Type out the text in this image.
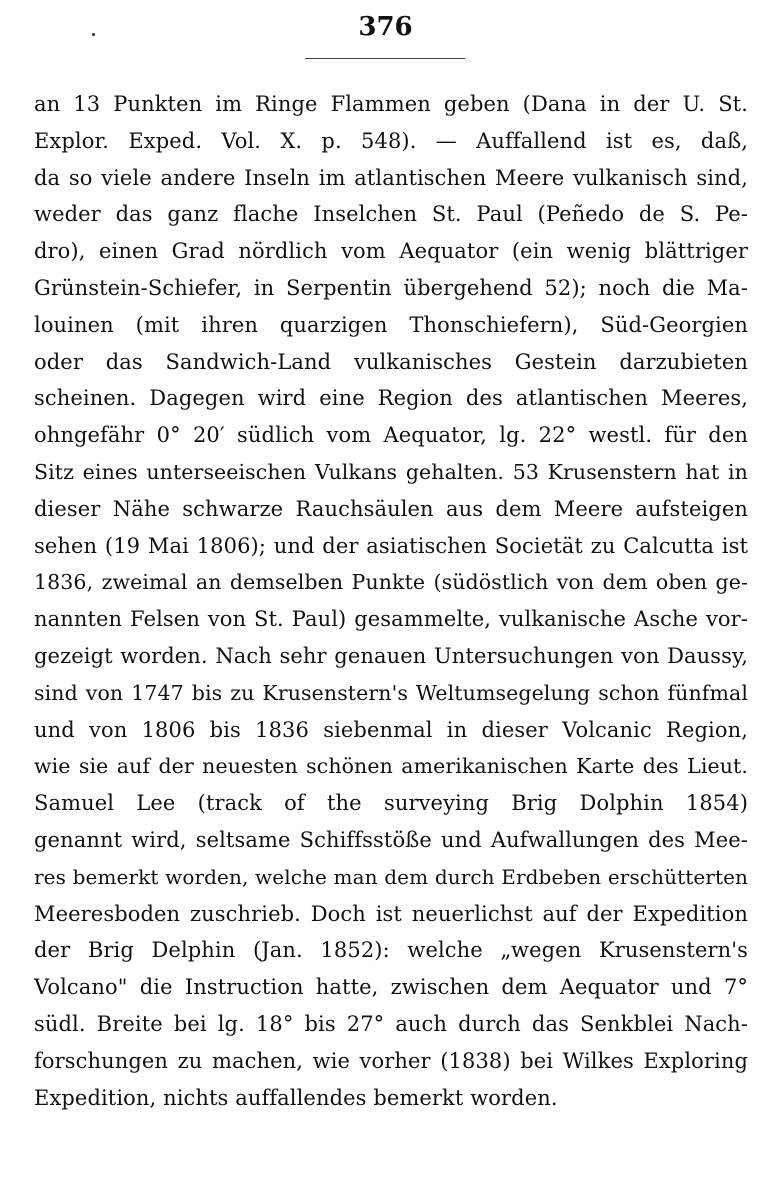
376
an 13 Punkten im Ringe Flammen geben (Dana in der U. St.
Explor. Exped. Vol. X. p. 548). — Auffallend ist es, daß,
da so viele andere Inseln im atlantischen Meere vulkanisch sind,
weder das ganz flache Inselchen St. Paul (Peñedo de S. Pe-
dro), einen Grad nördlich vom Aequator (ein wenig blättriger
Grünstein-Schiefer, in Serpentin übergehend 52); noch die Ma-
louinen (mit ihren quarzigen Thonschiefern), Süd-Georgien
oder das Sandwich-Land vulkanisches Gestein darzubieten
scheinen. Dagegen wird eine Region des atlantischen Meeres,
ohngefähr 0° 20′ südlich vom Aequator, lg. 22° westl. für den
Sitz eines unterseeischen Vulkans gehalten. 53 Krusenstern hat in
dieser Nähe schwarze Rauchsäulen aus dem Meere aufsteigen
sehen (19 Mai 1806); und der asiatischen Societät zu Calcutta ist
1836, zweimal an demselben Punkte (südöstlich von dem oben ge-
nannten Felsen von St. Paul) gesammelte, vulkanische Asche vor-
gezeigt worden. Nach sehr genauen Untersuchungen von Daussy,
sind von 1747 bis zu Krusenstern's Weltumsegelung schon fünfmal
und von 1806 bis 1836 siebenmal in dieser Volcanic Region,
wie sie auf der neuesten schönen amerikanischen Karte des Lieut.
Samuel Lee (track of the surveying Brig Dolphin 1854)
genannt wird, seltsame Schiffsstöße und Aufwallungen des Mee-
res bemerkt worden, welche man dem durch Erdbeben erschütterten
Meeresboden zuschrieb. Doch ist neuerlichst auf der Expedition
der Brig Delphin (Jan. 1852): welche „wegen Krusenstern's
Volcano" die Instruction hatte, zwischen dem Aequator und 7°
südl. Breite bei lg. 18° bis 27° auch durch das Senkblei Nach-
forschungen zu machen, wie vorher (1838) bei Wilkes Exploring
Expedition, nichts auffallendes bemerkt worden.
